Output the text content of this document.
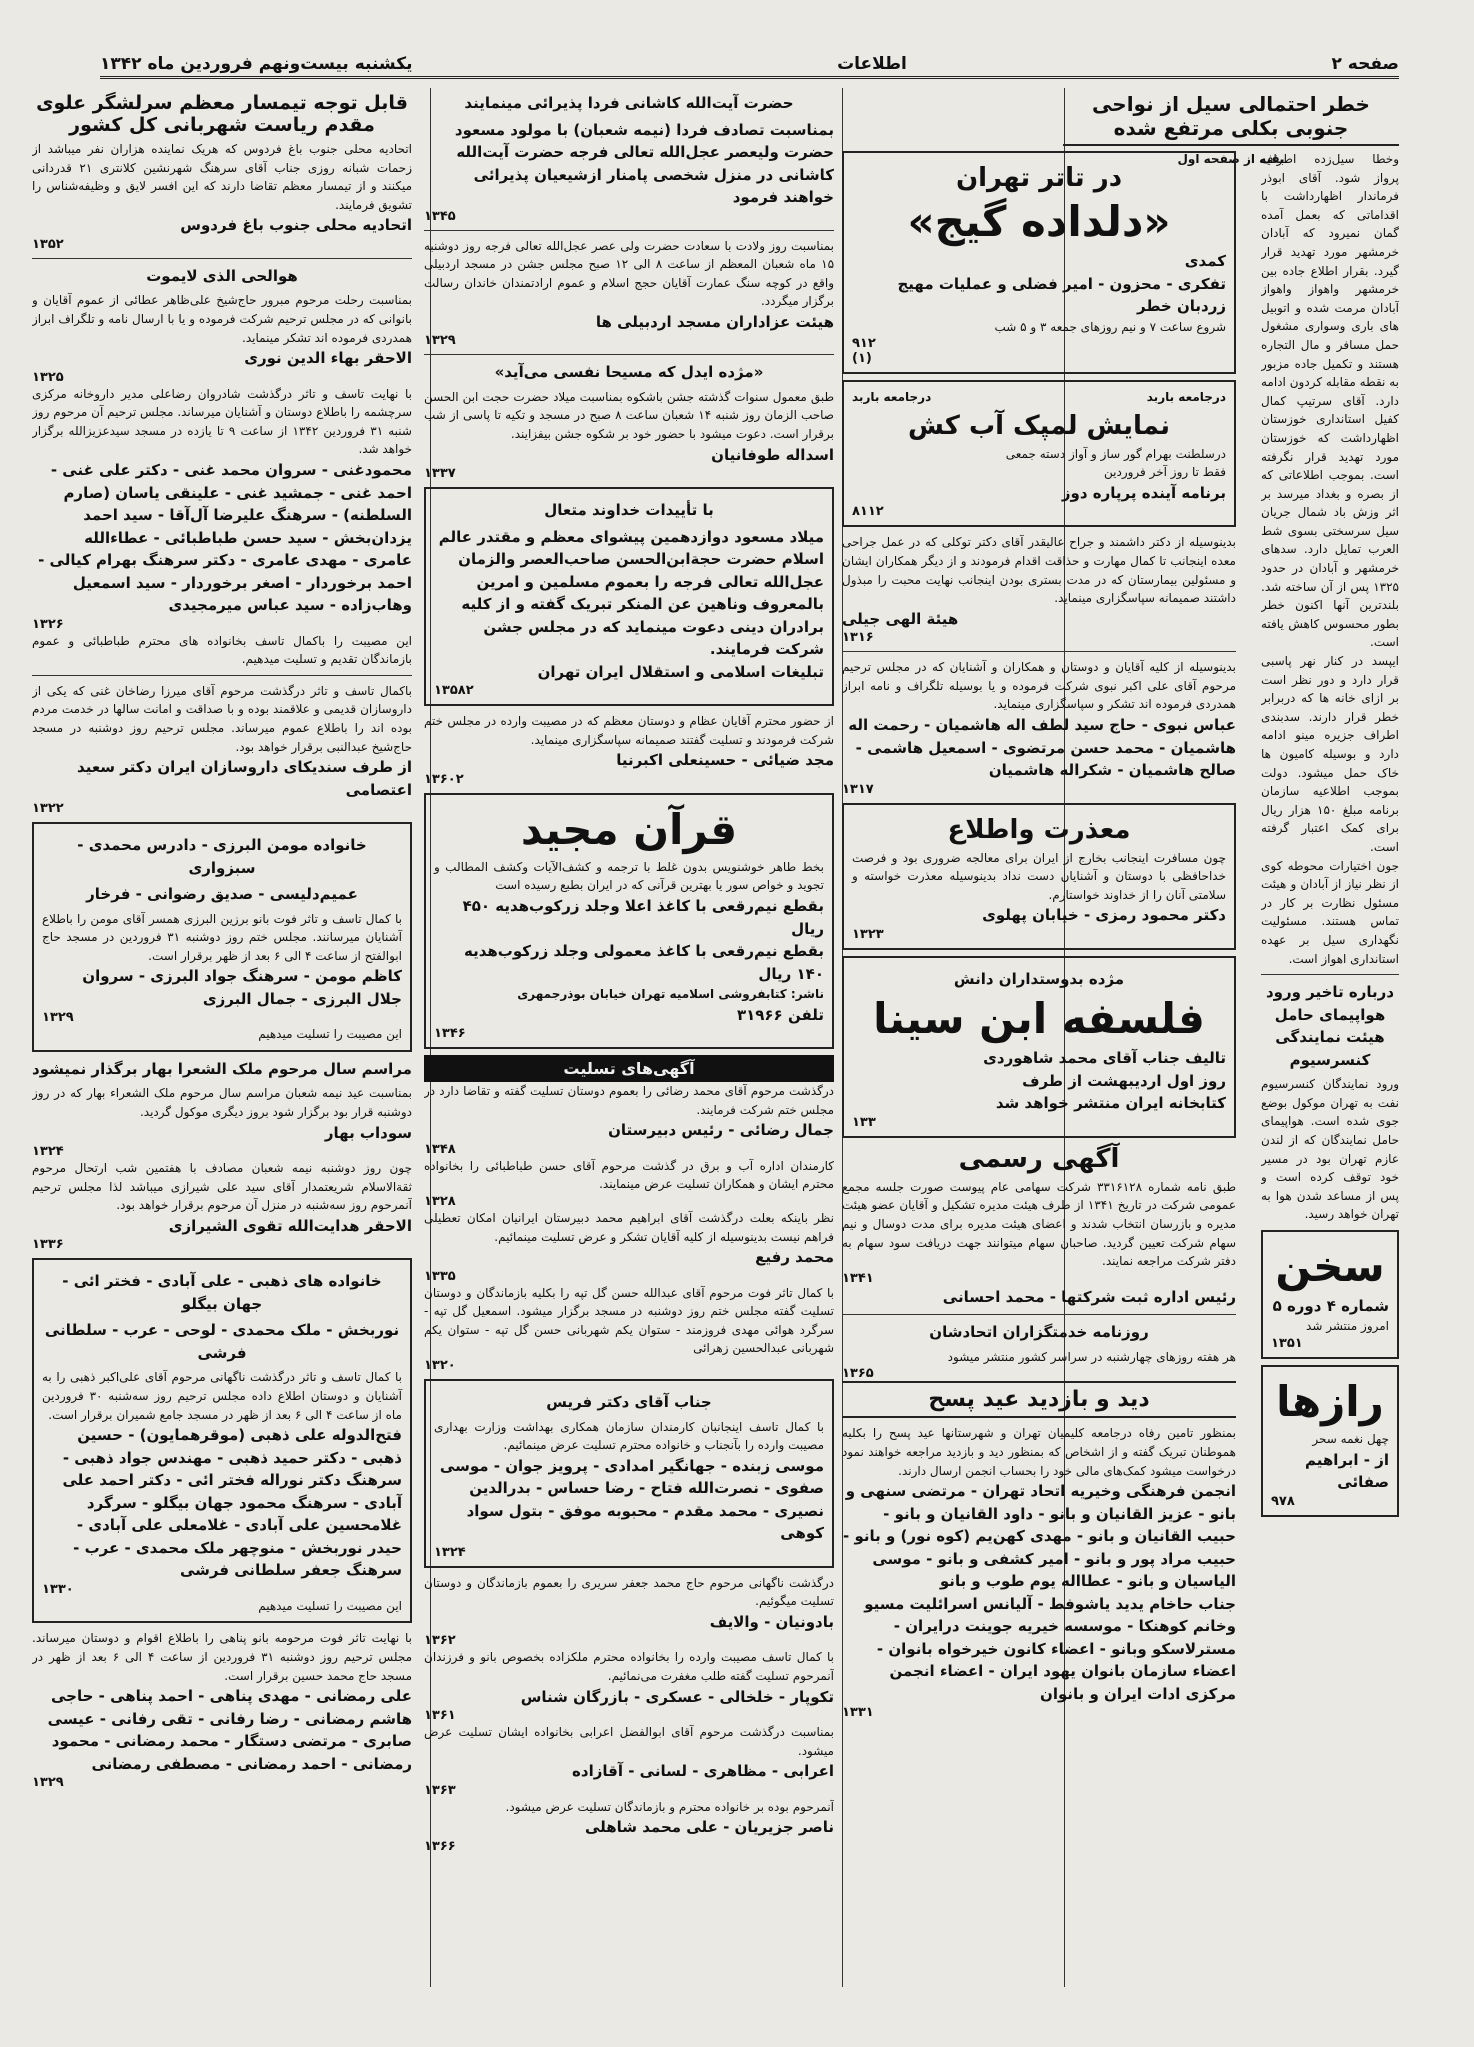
صفحه ۲
اطلاعات
یکشنبه بیست‌ونهم فروردین ماه ۱۳۴۲
خطر احتمالی سیل از نواحی جنوبی بکلی مرتفع شده
بقیه از صفحه اول
وخطا سیل‌زده اطراف پرواز شود. آقای ابوذر فرماندار اظهارداشت با اقداماتی که بعمل آمده گمان نمیرود که آبادان خرمشهر مورد تهدید قرار گیرد. بقرار اطلاع جاده بین خرمشهر واهواز واهواز آبادان مرمت شده و اتوبیل های باری وسواری مشغول حمل مسافر و مال التجاره هستند و تکمیل جاده مزبور به نقطه مقابله کردون ادامه دارد. آقای سرتیپ کمال کفیل استانداری خوزستان اظهارداشت که خوزستان مورد تهدید قرار نگرفته است. بموجب اطلاعاتی که از بصره و بغداد میرسد بر اثر وزش باد شمال جریان سیل سرسختی بسوی شط العرب تمایل دارد. سدهای خرمشهر و آبادان در حدود ۱۳۲۵ پس از آن ساخته شد. بلندترین آنها اکنون خطر بطور محسوس کاهش یافته است.
ایپسد در کنار نهر پاسبی قرار دارد و دور نظر است بر ازای خانه ها که دربرابر خطر قرار دارند. سدبندی اطراف جزیره مینو ادامه دارد و بوسیله کامیون ها خاک حمل میشود. دولت بموجب اطلاعیه سازمان برنامه مبلغ ۱۵۰ هزار ریال برای کمک اعتبار گرفته است.
جون اختیارات محوطه کوی از نظر نیاز از آبادان و هیئت مسئول نظارت بر کار در تماس هستند. مسئولیت نگهداری سیل بر عهده استانداری اهواز است.
درباره تاخیر ورود هواپیمای حامل هیئت نمایندگی کنسرسیوم
ورود نمایندگان کنسرسیوم نفت به تهران موکول بوضع جوی شده است. هواپیمای حامل نمایندگان که از لندن عازم تهران بود در مسیر خود توقف کرده است و پس از مساعد شدن هوا به تهران خواهد رسید.
سخن
شماره ۴ دوره ۵
امروز منتشر شد
۱۳۵۱
رازها
چهل نغمه سحر
از - ابراهیم صفائی
۹۷۸
در تاتر تهران
«دلداده گیج»
کمدی
تفکری - محزون - امیر فضلی و عملیات مهیج زردبان خطر
شروع ساعت ۷ و نیم روزهای جمعه ۳ و ۵ شب
۹۱۲
(۱)
درجامعه باربد
درجامعه باربد
نمایش لمپک آب کش
درسلطنت بهرام گور ساز و آواز دسته جمعی
فقط تا روز آخر فروردین
برنامه آینده پرپاره دوز
۸۱۱۲
بدینوسیله از دکتر داشمند و جراح عالیقدر آقای دکتر توکلی که در عمل جراحی معده اینجانب تا کمال مهارت و حذاقت اقدام فرمودند و از دیگر همکاران ایشان و مسئولین بیمارستان که در مدت بستری بودن اینجانب نهایت محبت را مبذول داشتند صمیمانه سپاسگزاری مینماید.
هیئة الهی جیلی
۱۳۱۶
بدینوسیله از کلیه آقایان و دوستان و همکاران و آشنایان که در مجلس ترحیم مرحوم آقای علی اکبر نبوی شرکت فرموده و یا بوسیله تلگراف و نامه ابراز همدردی فرموده اند تشکر و سپاسگزاری مینماید.
عباس نبوی - حاج سید لطف اله هاشمیان - رحمت اله هاشمیان - محمد حسن مرتضوی - اسمعیل هاشمی - صالح هاشمیان - شکراله هاشمیان
۱۳۱۷
معذرت واطلاع
چون مسافرت اینجانب بخارج از ایران برای معالجه ضروری بود و فرصت خداحافظی با دوستان و آشنایان دست نداد بدینوسیله معذرت خواسته و سلامتی آنان را از خداوند خواستارم.
دکتر محمود رمزی - خیابان پهلوی
۱۳۲۳
مژده بدوستداران دانش
فلسفه ابن سینا
تالیف جناب آقای محمد شاهوردی
روز اول اردیبهشت از طرف
کتابخانه ایران منتشر خواهد شد
۱۳۳
آگهی رسمی
طبق نامه شماره ۳۳۱۶۱۲۸ شرکت سهامی عام پیوست صورت جلسه مجمع عمومی شرکت در تاریخ ۱۳۴۱ از طرف هیئت مدیره تشکیل و آقایان عضو هیئت مدیره و بازرسان انتخاب شدند و اعضای هیئت مدیره برای مدت دوسال و نیم سهام شرکت تعیین گردید. صاحبان سهام میتوانند جهت دریافت سود سهام به دفتر شرکت مراجعه نمایند.
۱۳۴۱
رئیس اداره ثبت شرکتها - محمد احسانی
روزنامه خدمتگزاران اتحادشان
هر هفته روزهای چهارشنبه در سراسر کشور منتشر میشود
۱۳۶۵
دید و بازدید عید پسح
بمنظور تامین رفاه درجامعه کلیمیان تهران و شهرستانها عید پسح را بکلیه هموطنان تبریک گفته و از اشخاص که بمنظور دید و بازدید مراجعه خواهند نمود درخواست میشود کمک‌های مالی خود را بحساب انجمن ارسال دارند.
انجمن فرهنگی وخیریه اتحاد تهران - مرتضی سنهی و بانو - عزیز القانیان و بانو - داود القانیان و بانو - حبیب القانیان و بانو - مهدی کهن‌یم (کوه نور) و بانو - حبیب مراد پور و بانو - امیر کشفی و بانو - موسی الیاسیان و بانو - عطااله یوم طوب و بانو
جناب حاخام یدید یاشوفط - آلیانس اسرائلیت مسیو وخانم کوهنکا - موسسه خیریه جوینت درایران - مسترلاسکو وبانو - اعضاء کانون خیرخواه بانوان - اعضاء سازمان بانوان یهود ایران - اعضاء انجمن مرکزی ادات ایران و بانوان
۱۳۳۱
حضرت آیت‌الله کاشانی فردا پذیرائی مینمایند
بمناسبت تصادف فردا (نیمه شعبان) با مولود مسعود حضرت ولیعصر عجل‌الله تعالی فرجه حضرت آیت‌الله کاشانی در منزل شخصی پامنار ازشیعیان پذیرائی خواهند فرمود
۱۳۴۵
بمناسبت روز ولادت با سعادت حضرت ولی عصر عجل‌الله تعالی فرجه روز دوشنبه ۱۵ ماه شعبان المعظم از ساعت ۸ الی ۱۲ صبح مجلس جشن در مسجد اردبیلی واقع در کوچه سنگ عمارت آقایان حجج اسلام و عموم ارادتمندان خاندان رسالت برگزار میگردد.
هیئت عزاداران مسجد اردبیلی ها
۱۳۲۹
«مژده ایدل که مسیحا نفسی می‌آید»
طبق معمول سنوات گذشته جشن باشکوه بمناسبت میلاد حضرت حجت ابن الحسن صاحب الزمان روز شنبه ۱۴ شعبان ساعت ۸ صبح در مسجد و تکیه تا پاسی از شب برقرار است. دعوت میشود با حضور خود بر شکوه جشن بیفزایند.
اسداله طوفانیان
۱۳۳۷
با تأییدات خداوند متعال
میلاد مسعود دوازدهمین پیشوای معظم و مقتدر عالم اسلام حضرت حجة‌ابن‌الحسن صاحب‌العصر والزمان عجل‌الله تعالی فرجه را بعموم مسلمین و امرین بالمعروف وناهین عن المنکر تبریک گفته و از کلیه برادران دینی دعوت مینماید که در مجلس جشن شرکت فرمایند.
تبلیغات اسلامی و استقلال ایران تهران
۱۳۵۸۲
از حضور محترم آقایان عظام و دوستان معظم که در مصیبت وارده در مجلس ختم شرکت فرمودند و تسلیت گفتند صمیمانه سپاسگزاری مینماید.
مجد ضیائی - حسینعلی اکبرنیا
۱۳۶۰۲
قرآن مجید
بخط طاهر خوشنویس بدون غلط با ترجمه و کشف‌الآیات وکشف المطالب و تجوید و خواص سور یا بهترین قرآنی که در ایران بطبع رسیده است
بقطع نیم‌رقعی با کاغذ اعلا وجلد زرکوب‌هدیه ۴۵۰ ریال
بقطع نیم‌رقعی با کاغذ معمولی وجلد زرکوب‌هدیه ۱۴۰ ریال
ناشر: کتابفروشی اسلامیه تهران خیابان بوذرجمهری
تلفن ۳۱۹۶۶
۱۳۴۶
آگهی‌های تسلیت
درگذشت مرحوم آقای محمد رضائی را بعموم دوستان تسلیت گفته و تقاضا دارد در مجلس ختم شرکت فرمایند.
جمال رضائی - رئیس دبیرستان
۱۳۴۸
کارمندان اداره آب و برق در گذشت مرحوم آقای حسن طباطبائی را بخانواده محترم ایشان و همکاران تسلیت عرض مینمایند.
۱۳۲۸
نظر باینکه بعلت درگذشت آقای ابراهیم محمد دبیرستان ایرانیان امکان تعطیلی فراهم نیست بدینوسیله از کلیه آقایان تشکر و عرض تسلیت مینمائیم.
محمد رفیع
۱۳۳۵
با کمال تاثر فوت مرحوم آقای عبدالله حسن گل تپه را بکلیه بازماندگان و دوستان تسلیت گفته مجلس ختم روز دوشنبه در مسجد برگزار میشود. اسمعیل گل تپه - سرگرد هوائی مهدی فروزمند - ستوان یکم شهربانی حسن گل تپه - ستوان یکم شهربانی عبدالحسین زهرائی
۱۳۲۰
جناب آقای دکتر فریس
با کمال تاسف اینجانبان کارمندان سازمان همکاری بهداشت وزارت بهداری مصیبت وارده را بآنجناب و خانواده محترم تسلیت عرض مینمائیم.
موسی زبنده - جهانگیر امدادی - پرویز جوان - موسی صفوی - نصرت‌الله فتاح - رضا حساس - بدرالدین نصیری - محمد مقدم - محبوبه موفق - بتول سواد کوهی
۱۳۲۴
درگذشت ناگهانی مرحوم حاج محمد جعفر سریری را بعموم بازماندگان و دوستان تسلیت میگوئیم.
بادونیان - والایف
۱۳۶۲
با کمال تاسف مصیبت وارده را بخانواده محترم ملکزاده بخصوص بانو و فرزندان آنمرحوم تسلیت گفته طلب مغفرت می‌نمائیم.
تکوپار - خلخالی - عسکری - بازرگان شناس
۱۳۶۱
بمناسبت درگذشت مرحوم آقای ابوالفضل اعرابی بخانواده ایشان تسلیت عرض میشود.
اعرابی - مظاهری - لسانی - آقازاده
۱۳۶۳
آنمرحوم بوده بر خانواده محترم و بازماندگان تسلیت عرض میشود.
ناصر جزیریان - علی محمد شاهلی
۱۳۶۶
قابل توجه تیمسار معظم سرلشگر علوی مقدم ریاست شهربانی کل کشور
اتحادیه محلی جنوب باغ فردوس که هریک نماینده هزاران نفر میباشد از زحمات شبانه روزی جناب آقای سرهنگ شهرنشین کلانتری ۲۱ قدردانی میکنند و از تیمسار معظم تقاضا دارند که این افسر لایق و وظیفه‌شناس را تشویق فرمایند.
اتحادیه محلی جنوب باغ فردوس
۱۳۵۲
هوالحی الذی لایموت
بمناسبت رحلت مرحوم مبرور حاج‌شیخ علی‌ظاهر عطائی از عموم آقایان و بانوانی که در مجلس ترحیم شرکت فرموده و یا با ارسال نامه و تلگراف ابراز همدردی فرموده اند تشکر مینماید.
الاحقر بهاء الدین نوری
۱۳۲۵
با نهایت تاسف و تاثر درگذشت شادروان رضاعلی مدیر داروخانه مرکزی سرچشمه را باطلاع دوستان و آشنایان میرساند. مجلس ترحیم آن مرحوم روز شنبه ۳۱ فروردین ۱۳۴۲ از ساعت ۹ تا یازده در مسجد سیدعزیزالله برگزار خواهد شد.
محمودغنی - سروان محمد غنی - دکتر علی غنی - احمد غنی - جمشید غنی - علینقی یاسان (صارم السلطنه) - سرهنگ علیرضا آل‌آقا - سید احمد یزدان‌بخش - سید حسن طباطبائی - عطاءالله عامری - مهدی عامری - دکتر سرهنگ بهرام کیالی - احمد برخوردار - اصغر برخوردار - سید اسمعیل وهاب‌زاده - سید عباس میرمجیدی
۱۳۲۶
این مصیبت را باکمال تاسف بخانواده های محترم طباطبائی و عموم بازماندگان تقدیم و تسلیت میدهیم.
باکمال تاسف و تاثر درگذشت مرحوم آقای میرزا رضاخان غنی که یکی از داروسازان قدیمی و علاقمند بوده و با صداقت و امانت سالها در خدمت مردم بوده اند را باطلاع عموم میرساند. مجلس ترحیم روز دوشنبه در مسجد حاج‌شیخ عبدالنبی برقرار خواهد بود.
از طرف سندیکای داروسازان ایران دکتر سعید اعتصامی
۱۳۲۲
خانواده مومن البرزی - دادرس محمدی - سبزواری
عمیم‌دلیسی - صدیق رضوانی - فرخار
با کمال تاسف و تاثر فوت بانو برزین البرزی همسر آقای مومن را باطلاع آشنایان میرسانند. مجلس ختم روز دوشنبه ۳۱ فروردین در مسجد حاج ابوالفتح از ساعت ۴ الی ۶ بعد از ظهر برقرار است.
کاظم مومن - سرهنگ جواد البرزی - سروان جلال البرزی - جمال البرزی
۱۳۲۹
این مصیبت را تسلیت میدهیم
مراسم سال مرحوم ملک الشعرا بهار برگذار نمیشود
بمناسبت عید نیمه شعبان مراسم سال مرحوم ملک الشعراء بهار که در روز دوشنبه قرار بود برگزار شود بروز دیگری موکول گردید.
سوداب بهار
۱۳۲۴
چون روز دوشنبه نیمه شعبان مصادف با هفتمین شب ارتحال مرحوم ثقة‌الاسلام شریعتمدار آقای سید علی شیرازی میباشد لذا مجلس ترحیم آنمرحوم روز سه‌شنبه در منزل آن مرحوم برقرار خواهد بود.
الاحقر هدایت‌الله تقوی الشیرازی
۱۳۳۶
خانواده های ذهبی - علی آبادی - فختر ائی - جهان بیگلو
نوربخش - ملک محمدی - لوحی - عرب - سلطانی فرشی
با کمال تاسف و تاثر درگذشت ناگهانی مرحوم آقای علی‌اکبر ذهبی را به آشنایان و دوستان اطلاع داده مجلس ترحیم روز سه‌شنبه ۳۰ فروردین ماه از ساعت ۴ الی ۶ بعد از ظهر در مسجد جامع شمیران برقرار است.
فتح‌الدوله علی ذهبی (موقرهمایون) - حسین ذهبی - دکتر حمید ذهبی - مهندس جواد ذهبی - سرهنگ دکتر نوراله فختر ائی - دکتر احمد علی آبادی - سرهنگ محمود جهان بیگلو - سرگرد غلامحسین علی آبادی - غلامعلی علی آبادی - حیدر نوربخش - منوچهر ملک محمدی - عرب - سرهنگ جعفر سلطانی فرشی
۱۳۳۰
این مصیبت را تسلیت میدهیم
با نهایت تاثر فوت مرحومه بانو پناهی را باطلاع اقوام و دوستان میرساند. مجلس ترحیم روز دوشنبه ۳۱ فروردین از ساعت ۴ الی ۶ بعد از ظهر در مسجد حاج محمد حسین برقرار است.
علی رمضانی - مهدی پناهی - احمد پناهی - حاجی هاشم رمضانی - رضا رفانی - تقی رفانی - عیسی صابری - مرتضی دستگار - محمد رمضانی - محمود رمضانی - احمد رمضانی - مصطفی رمضانی
۱۳۲۹
